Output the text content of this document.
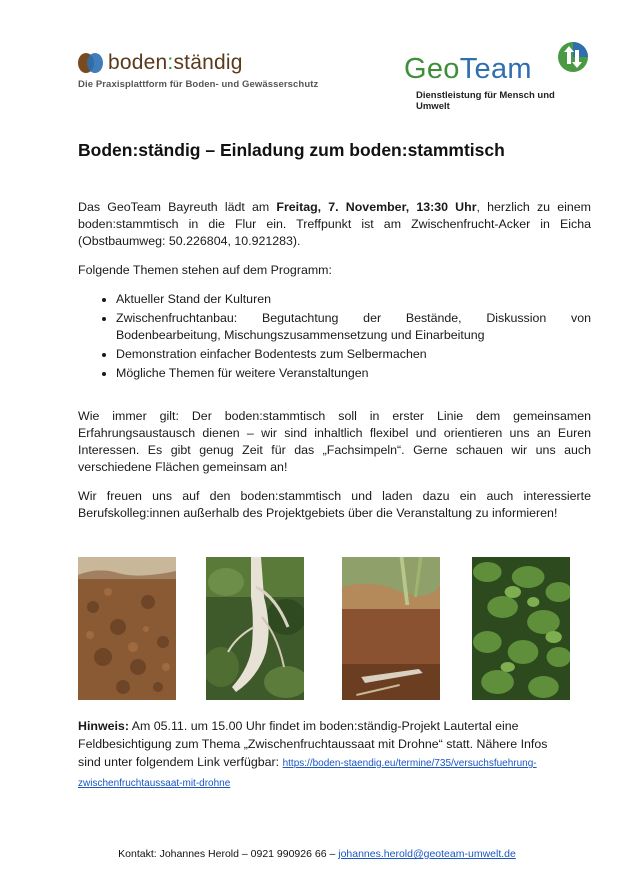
boden:ständig
Die Praxisplattform für Boden- und Gewässerschutz	GeoTeam
Dienstleistung für Mensch und Umwelt
Boden:ständig – Einladung zum boden:stammtisch

Das GeoTeam Bayreuth lädt am Freitag, 7. November, 13:30 Uhr, herzlich zu einem boden:stammtisch in die Flur ein. Treffpunkt ist am Zwischenfrucht-Acker in Eicha (Obstbaumweg: 50.226804, 10.921283).

Folgende Themen stehen auf dem Programm:

• Aktueller Stand der Kulturen
• Zwischenfruchtanbau: Begutachtung der Bestände, Diskussion von Bodenbearbeitung, Mischungszusammensetzung und Einarbeitung
• Demonstration einfacher Bodentests zum Selbermachen
• Mögliche Themen für weitere Veranstaltungen

Wie immer gilt: Der boden:stammtisch soll in erster Linie dem gemeinsamen Erfahrungsaustausch dienen – wir sind inhaltlich flexibel und orientieren uns an Euren Interessen. Es gibt genug Zeit für das „Fachsimpeln“. Gerne schauen wir uns auch verschiedene Flächen gemeinsam an!

Wir freuen uns auf den boden:stammtisch und laden dazu ein auch interessierte Berufskolleg:innen außerhalb des Projektgebiets über die Veranstaltung zu informieren!

Hinweis: Am 05.11. um 15.00 Uhr findet im boden:ständig-Projekt Lautertal eine Feldbesichtigung zum Thema „Zwischenfruchtaussaat mit Drohne“ statt. Nähere Infos sind unter folgendem Link verfügbar: https://boden-staendig.eu/termine/735/versuchsfuehrung-zwischenfruchtaussaat-mit-drohne
Kontakt: Johannes Herold – 0921 990926 66 – johannes.herold@geoteam-umwelt.de
